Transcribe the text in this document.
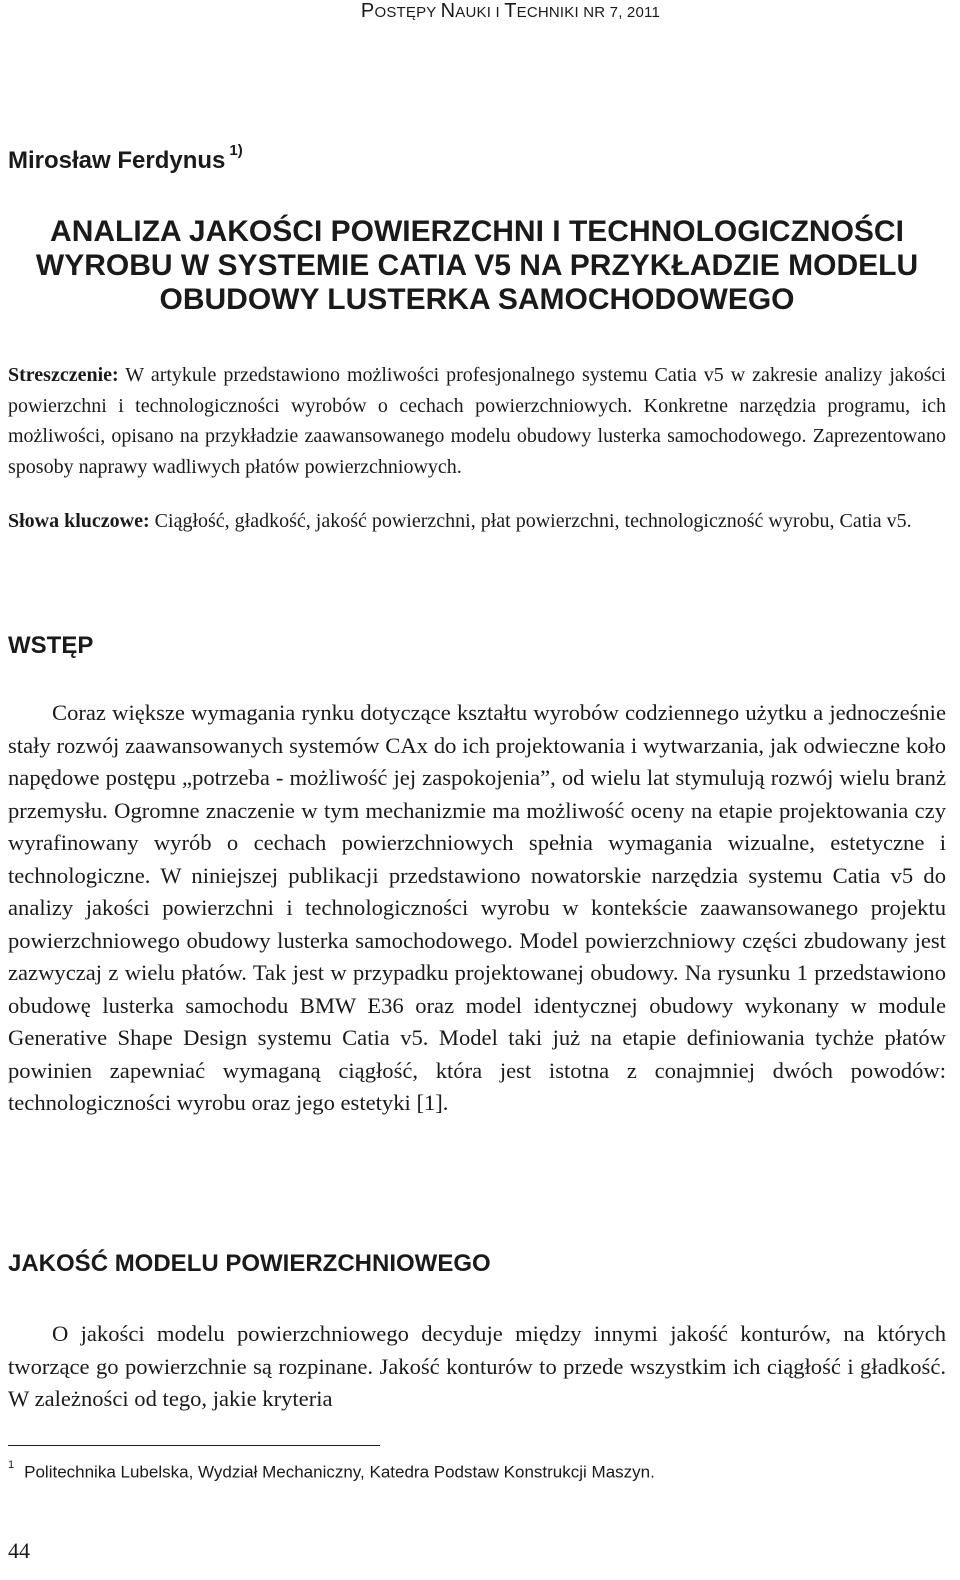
POSTĘPY NAUKI I TECHNIKI NR 7, 2011
Mirosław Ferdynus $^{1)}$
ANALIZA JAKOŚCI POWIERZCHNI I TECHNOLOGICZNOŚCI WYROBU W SYSTEMIE CATIA V5 NA PRZYKŁADZIE MODELU OBUDOWY LUSTERKA SAMOCHODOWEGO
Streszczenie: W artykule przedstawiono możliwości profesjonalnego systemu Catia v5 w zakresie analizy jakości powierzchni i technologiczności wyrobów o cechach powierzchniowych. Konkretne narzędzia programu, ich możliwości, opisano na przykładzie zaawansowanego modelu obudowy lusterka samochodowego. Zaprezentowano sposoby naprawy wadliwych płatów powierzchniowych.
Słowa kluczowe: Ciągłość, gładkość, jakość powierzchni, płat powierzchni, technologiczność wyrobu, Catia v5.
WSTĘP
Coraz większe wymagania rynku dotyczące kształtu wyrobów codziennego użytku a jednocześnie stały rozwój zaawansowanych systemów CAx do ich projektowania i wytwarzania, jak odwieczne koło napędowe postępu „potrzeba - możliwość jej zaspokojenia”, od wielu lat stymulują rozwój wielu branż przemysłu. Ogromne znaczenie w tym mechanizmie ma możliwość oceny na etapie projektowania czy wyrafinowany wyrób o cechach powierzchniowych spełnia wymagania wizualne, estetyczne i technologiczne. W niniejszej publikacji przedstawiono nowatorskie narzędzia systemu Catia v5 do analizy jakości powierzchni i technologiczności wyrobu w kontekście zaawansowanego projektu powierzchniowego obudowy lusterka samochodowego. Model powierzchniowy części zbudowany jest zazwyczaj z wielu płatów. Tak jest w przypadku projektowanej obudowy. Na rysunku 1 przedstawiono obudowę lusterka samochodu BMW E36 oraz model identycznej obudowy wykonany w module Generative Shape Design systemu Catia v5. Model taki już na etapie definiowania tychże płatów powinien zapewniać wymaganą ciągłość, która jest istotna z conajmniej dwóch powodów: technologiczności wyrobu oraz jego estetyki [1].
JAKOŚĆ MODELU POWIERZCHNIOWEGO
O jakości modelu powierzchniowego decyduje między innymi jakość konturów, na których tworzące go powierzchnie są rozpinane. Jakość konturów to przede wszystkim ich ciągłość i gładkość. W zależności od tego, jakie kryteria
$^1$ Politechnika Lubelska, Wydział Mechaniczny, Katedra Podstaw Konstrukcji Maszyn.
44
